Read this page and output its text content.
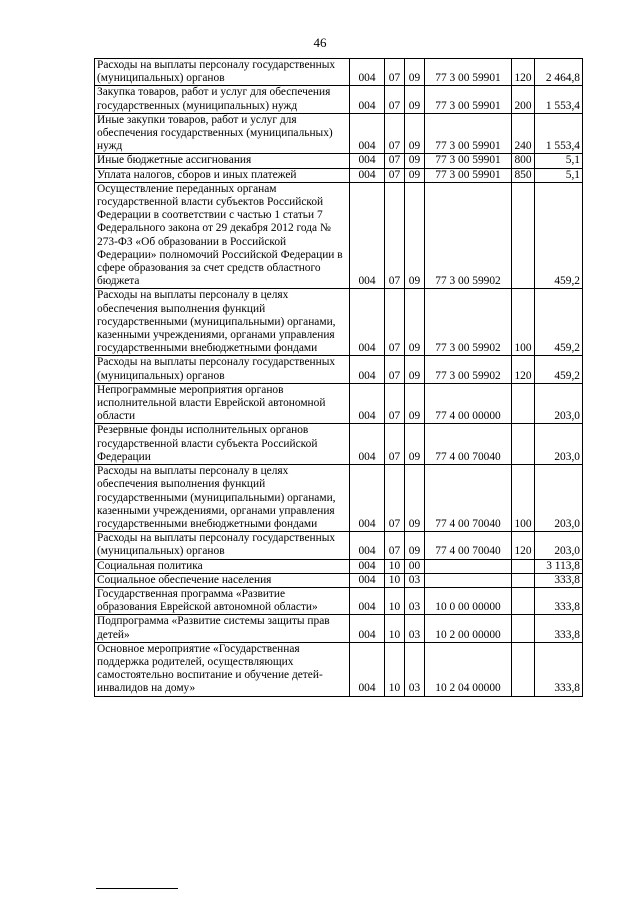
46
Расходы на выплаты персоналу государственных (муниципальных) органов	004	07	09	77 3 00 59901	120	2 464,8
Закупка товаров, работ и услуг для обеспечения государственных (муниципальных) нужд	004	07	09	77 3 00 59901	200	1 553,4
Иные закупки товаров, работ и услуг для обеспечения государственных (муниципальных) нужд	004	07	09	77 3 00 59901	240	1 553,4
Иные бюджетные ассигнования	004	07	09	77 3 00 59901	800	5,1
Уплата налогов, сборов и иных платежей	004	07	09	77 3 00 59901	850	5,1
Осуществление переданных органам государственной власти субъектов Российской Федерации в соответствии с частью 1 статьи 7 Федерального закона от 29 декабря 2012 года № 273-ФЗ «Об образовании в Российской Федерации» полномочий Российской Федерации в сфере образования за счет средств областного бюджета	004	07	09	77 3 00 59902		459,2
Расходы на выплаты персоналу в целях обеспечения выполнения функций государственными (муниципальными) органами, казенными учреждениями, органами управления государственными внебюджетными фондами	004	07	09	77 3 00 59902	100	459,2
Расходы на выплаты персоналу государственных (муниципальных) органов	004	07	09	77 3 00 59902	120	459,2
Непрограммные мероприятия органов исполнительной власти Еврейской автономной области	004	07	09	77 4 00 00000		203,0
Резервные фонды исполнительных органов государственной власти субъекта Российской Федерации	004	07	09	77 4 00 70040		203,0
Расходы на выплаты персоналу в целях обеспечения выполнения функций государственными (муниципальными) органами, казенными учреждениями, органами управления государственными внебюджетными фондами	004	07	09	77 4 00 70040	100	203,0
Расходы на выплаты персоналу государственных (муниципальных) органов	004	07	09	77 4 00 70040	120	203,0
Социальная политика	004	10	00			3 113,8
Социальное обеспечение населения	004	10	03			333,8
Государственная программа «Развитие образования Еврейской автономной области»	004	10	03	10 0 00 00000		333,8
Подпрограмма «Развитие системы защиты прав детей»	004	10	03	10 2 00 00000		333,8
Основное мероприятие «Государственная поддержка родителей, осуществляющих самостоятельно воспитание и обучение детей-инвалидов на дому»	004	10	03	10 2 04 00000		333,8
